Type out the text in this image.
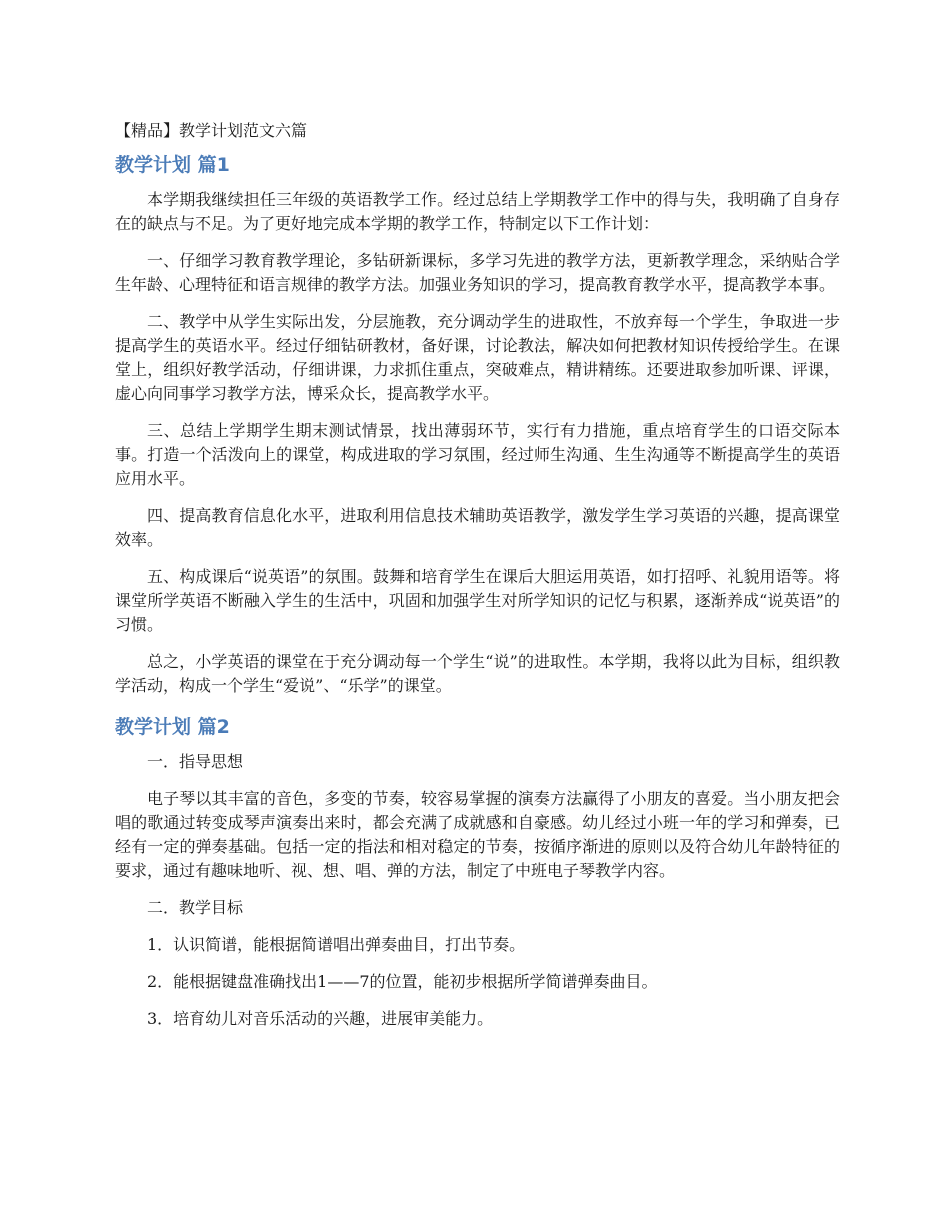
【精品】教学计划范文六篇
教学计划 篇1

本学期我继续担任三年级的英语教学工作。经过总结上学期教学工作中的得与失，我明确了自身存在的缺点与不足。为了更好地完成本学期的教学工作，特制定以下工作计划：

一、仔细学习教育教学理论，多钻研新课标，多学习先进的教学方法，更新教学理念，采纳贴合学生年龄、心理特征和语言规律的教学方法。加强业务知识的学习，提高教育教学水平，提高教学本事。

二、教学中从学生实际出发，分层施教，充分调动学生的进取性，不放弃每一个学生，争取进一步提高学生的英语水平。经过仔细钻研教材，备好课，讨论教法，解决如何把教材知识传授给学生。在课堂上，组织好教学活动，仔细讲课，力求抓住重点，突破难点，精讲精练。还要进取参加听课、评课，虚心向同事学习教学方法，博采众长，提高教学水平。

三、总结上学期学生期末测试情景，找出薄弱环节，实行有力措施，重点培育学生的口语交际本事。打造一个活泼向上的课堂，构成进取的学习氛围，经过师生沟通、生生沟通等不断提高学生的英语应用水平。

四、提高教育信息化水平，进取利用信息技术辅助英语教学，激发学生学习英语的兴趣，提高课堂效率。

五、构成课后“说英语”的氛围。鼓舞和培育学生在课后大胆运用英语，如打招呼、礼貌用语等。将课堂所学英语不断融入学生的生活中，巩固和加强学生对所学知识的记忆与积累，逐渐养成“说英语”的习惯。

总之，小学英语的课堂在于充分调动每一个学生“说”的进取性。本学期，我将以此为目标，组织教学活动，构成一个学生“爱说”、“乐学”的课堂。

教学计划 篇2

一．指导思想

电子琴以其丰富的音色，多变的节奏，较容易掌握的演奏方法赢得了小朋友的喜爱。当小朋友把会唱的歌通过转变成琴声演奏出来时，都会充满了成就感和自豪感。幼儿经过小班一年的学习和弹奏，已经有一定的弹奏基础。包括一定的指法和相对稳定的节奏，按循序渐进的原则以及符合幼儿年龄特征的要求，通过有趣味地听、视、想、唱、弹的方法，制定了中班电子琴教学内容。

二．教学目标

1．认识简谱，能根据简谱唱出弹奏曲目，打出节奏。

2．能根据键盘准确找出1——7的位置，能初步根据所学简谱弹奏曲目。

3．培育幼儿对音乐活动的兴趣，进展审美能力。
